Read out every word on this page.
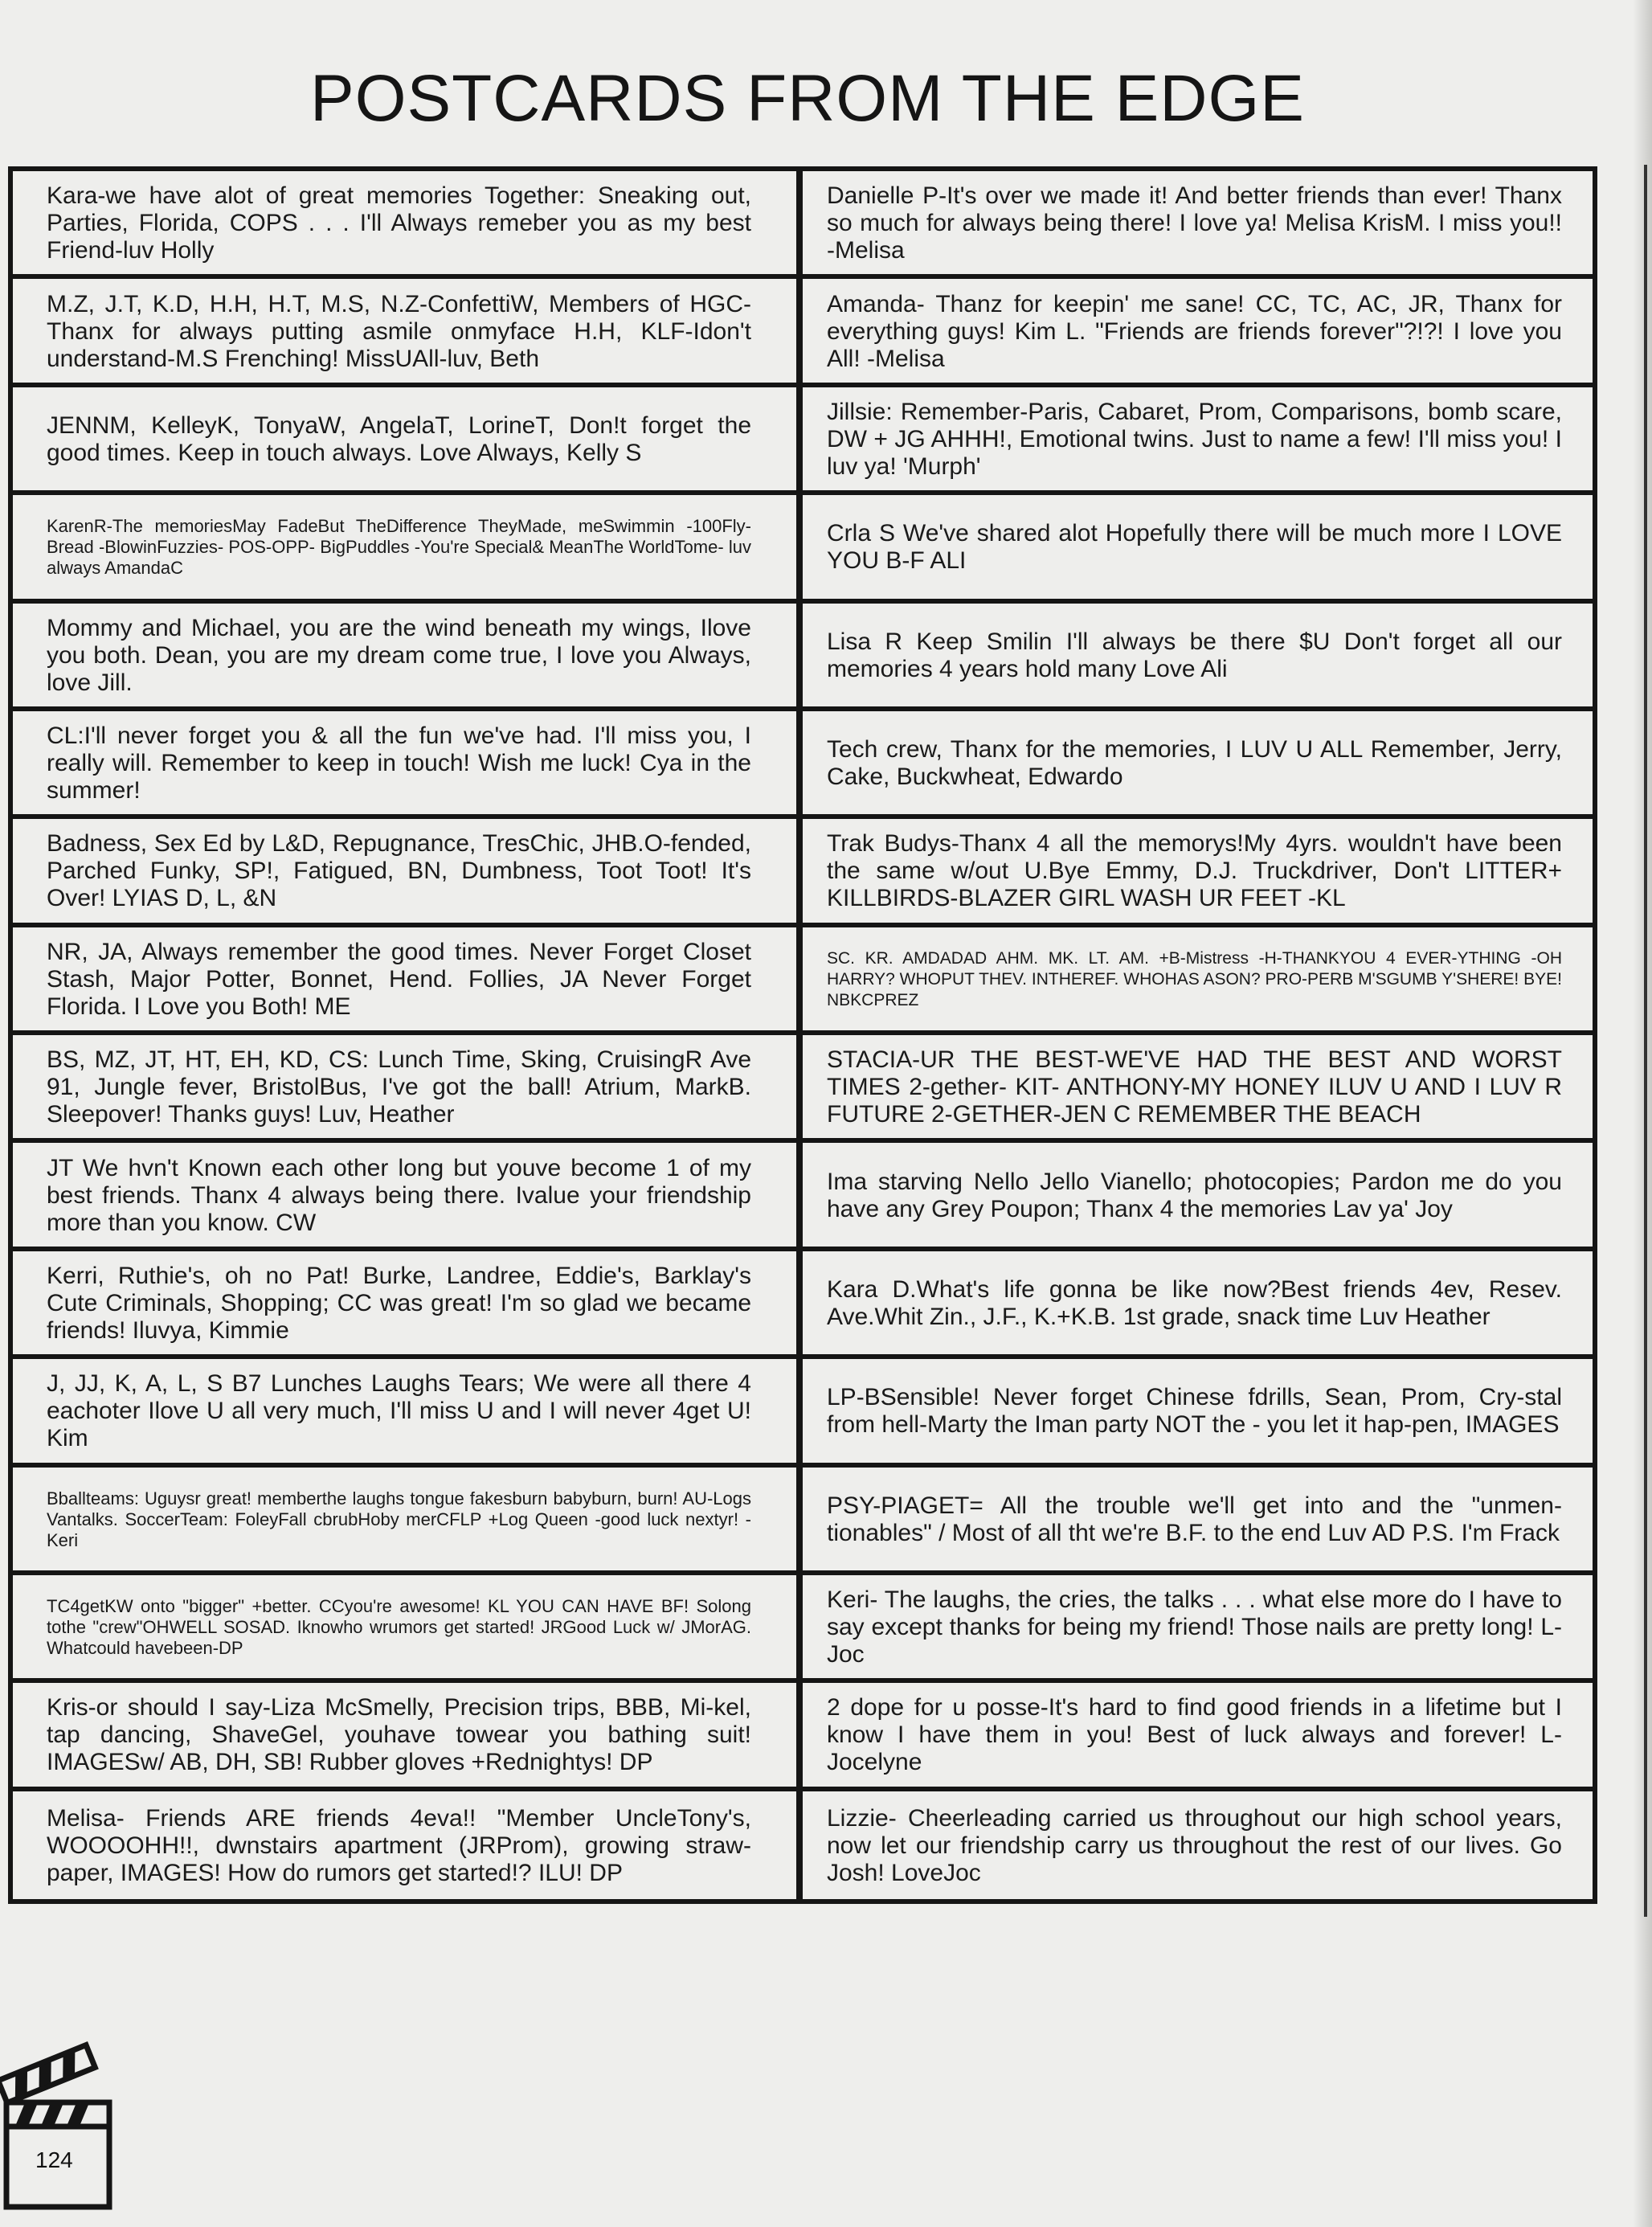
POSTCARDS FROM THE EDGE
Kara-we have alot of great memories Together: Sneaking out, Parties, Florida, COPS . . . I'll Always remeber you as my best Friend-luv Holly
Danielle P-It's over we made it! And better friends than ever! Thanx so much for always being there! I love ya! Melisa KrisM. I miss you!! -Melisa
M.Z, J.T, K.D, H.H, H.T, M.S, N.Z-ConfettiW, Members of HGC-Thanx for always putting asmile onmyface H.H, KLF-Idon't understand-M.S Frenching! MissUAll-luv, Beth
Amanda- Thanz for keepin' me sane! CC, TC, AC, JR, Thanx for everything guys! Kim L. "Friends are friends forever"?!?! I love you All! -Melisa
JENNM, KelleyK, TonyaW, AngelaT, LorineT, Don!t forget the good times. Keep in touch always. Love Always, Kelly S
Jillsie: Remember-Paris, Cabaret, Prom, Comparisons, bomb scare, DW + JG AHHH!, Emotional twins. Just to name a few! I'll miss you! I luv ya! 'Murph'
KarenR-The memoriesMay FadeBut TheDifference TheyMade, meSwimmin -100Fly-Bread -BlowinFuzzies- POS-OPP- BigPuddles -You're Special& MeanThe WorldTome- luv always AmandaC
Crla S We've shared alot Hopefully there will be much more I LOVE YOU B-F ALI
Mommy and Michael, you are the wind beneath my wings, Ilove you both. Dean, you are my dream come true, I love you Always, love Jill.
Lisa R Keep Smilin I'll always be there $U Don't forget all our memories 4 years hold many Love Ali
CL:I'll never forget you & all the fun we've had. I'll miss you, I really will. Remember to keep in touch! Wish me luck! Cya in the summer!
Tech crew, Thanx for the memories, I LUV U ALL Remember, Jerry, Cake, Buckwheat, Edwardo
Badness, Sex Ed by L&D, Repugnance, TresChic, JHB.O-fended, Parched Funky, SP!, Fatigued, BN, Dumbness, Toot Toot! It's Over! LYIAS D, L, &N
Trak Budys-Thanx 4 all the memorys!My 4yrs. wouldn't have been the same w/out U.Bye Emmy, D.J. Truckdriver, Don't LITTER+ KILLBIRDS-BLAZER GIRL WASH UR FEET -KL
NR, JA, Always remember the good times. Never Forget Closet Stash, Major Potter, Bonnet, Hend. Follies, JA Never Forget Florida. I Love you Both! ME
SC. KR. AMDADAD AHM. MK. LT. AM. +B-Mistress -H-THANKYOU 4 EVER-YTHING -OH HARRY? WHOPUT THEV. INTHEREF. WHOHAS ASON? PRO-PERB M'SGUMB Y'SHERE! BYE! NBKCPREZ
BS, MZ, JT, HT, EH, KD, CS: Lunch Time, Sking, CruisingR Ave 91, Jungle fever, BristolBus, I've got the ball! Atrium, MarkB. Sleepover! Thanks guys! Luv, Heather
STACIA-UR THE BEST-WE'VE HAD THE BEST AND WORST TIMES 2-gether- KIT- ANTHONY-MY HONEY ILUV U AND I LUV R FUTURE 2-GETHER-JEN C REMEMBER THE BEACH
JT We hvn't Known each other long but youve become 1 of my best friends. Thanx 4 always being there. Ivalue your friendship more than you know. CW
Ima starving Nello Jello Vianello; photocopies; Pardon me do you have any Grey Poupon; Thanx 4 the memories Lav ya' Joy
Kerri, Ruthie's, oh no Pat! Burke, Landree, Eddie's, Barklay's Cute Criminals, Shopping; CC was great! I'm so glad we became friends! Iluvya, Kimmie
Kara D.What's life gonna be like now?Best friends 4ev, Resev. Ave.Whit Zin., J.F., K.+K.B. 1st grade, snack time Luv Heather
J, JJ, K, A, L, S B7 Lunches Laughs Tears; We were all there 4 eachoter Ilove U all very much, I'll miss U and I will never 4get U! Kim
LP-BSensible! Never forget Chinese fdrills, Sean, Prom, Cry-stal from hell-Marty the Iman party NOT the - you let it hap-pen, IMAGES
Bballteams: Uguysr great! memberthe laughs tongue fakesburn babyburn, burn! AU-Logs Vantalks. SoccerTeam: FoleyFall cbrubHoby merCFLP +Log Queen -good luck nextyr! -Keri
PSY-PIAGET= All the trouble we'll get into and the "unmen-tionables" / Most of all tht we're B.F. to the end Luv AD P.S. I'm Frack
TC4getKW onto "bigger" +better. CCyou're awesome! KL YOU CAN HAVE BF! Solong tothe "crew"OHWELL SOSAD. Iknowho wrumors get started! JRGood Luck w/ JMorAG. Whatcould havebeen-DP
Keri- The laughs, the cries, the talks . . . what else more do I have to say except thanks for being my friend! Those nails are pretty long! L-Joc
Kris-or should I say-Liza McSmelly, Precision trips, BBB, Mi-kel, tap dancing, ShaveGel, youhave towear you bathing suit! IMAGESw/ AB, DH, SB! Rubber gloves +Rednightys! DP
2 dope for u posse-It's hard to find good friends in a lifetime but I know I have them in you! Best of luck always and forever! L-Jocelyne
Melisa- Friends ARE friends 4eva!! "Member UncleTony's, WOOOOHH!!, dwnstairs apartment (JRProm), growing straw-paper, IMAGES! How do rumors get started!? ILU! DP
Lizzie- Cheerleading carried us throughout our high school years, now let our friendship carry us throughout the rest of our lives. Go Josh! LoveJoc
124
